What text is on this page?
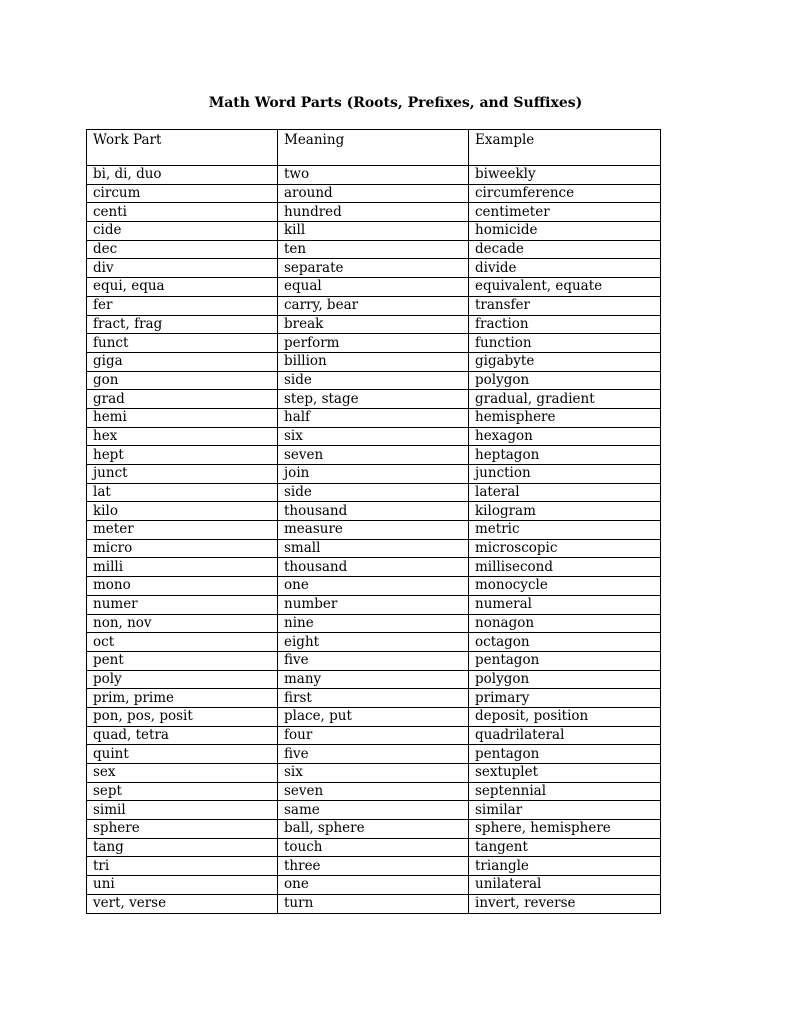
Math Word Parts (Roots, Prefixes, and Suffixes)
Work Part	Meaning	Example
bi, di, duo	two	biweekly
circum	around	circumference
centi	hundred	centimeter
cide	kill	homicide
dec	ten	decade
div	separate	divide
equi, equa	equal	equivalent, equate
fer	carry, bear	transfer
fract, frag	break	fraction
funct	perform	function
giga	billion	gigabyte
gon	side	polygon
grad	step, stage	gradual, gradient
hemi	half	hemisphere
hex	six	hexagon
hept	seven	heptagon
junct	join	junction
lat	side	lateral
kilo	thousand	kilogram
meter	measure	metric
micro	small	microscopic
milli	thousand	millisecond
mono	one	monocycle
numer	number	numeral
non, nov	nine	nonagon
oct	eight	octagon
pent	five	pentagon
poly	many	polygon
prim, prime	first	primary
pon, pos, posit	place, put	deposit, position
quad, tetra	four	quadrilateral
quint	five	pentagon
sex	six	sextuplet
sept	seven	septennial
simil	same	similar
sphere	ball, sphere	sphere, hemisphere
tang	touch	tangent
tri	three	triangle
uni	one	unilateral
vert, verse	turn	invert, reverse
